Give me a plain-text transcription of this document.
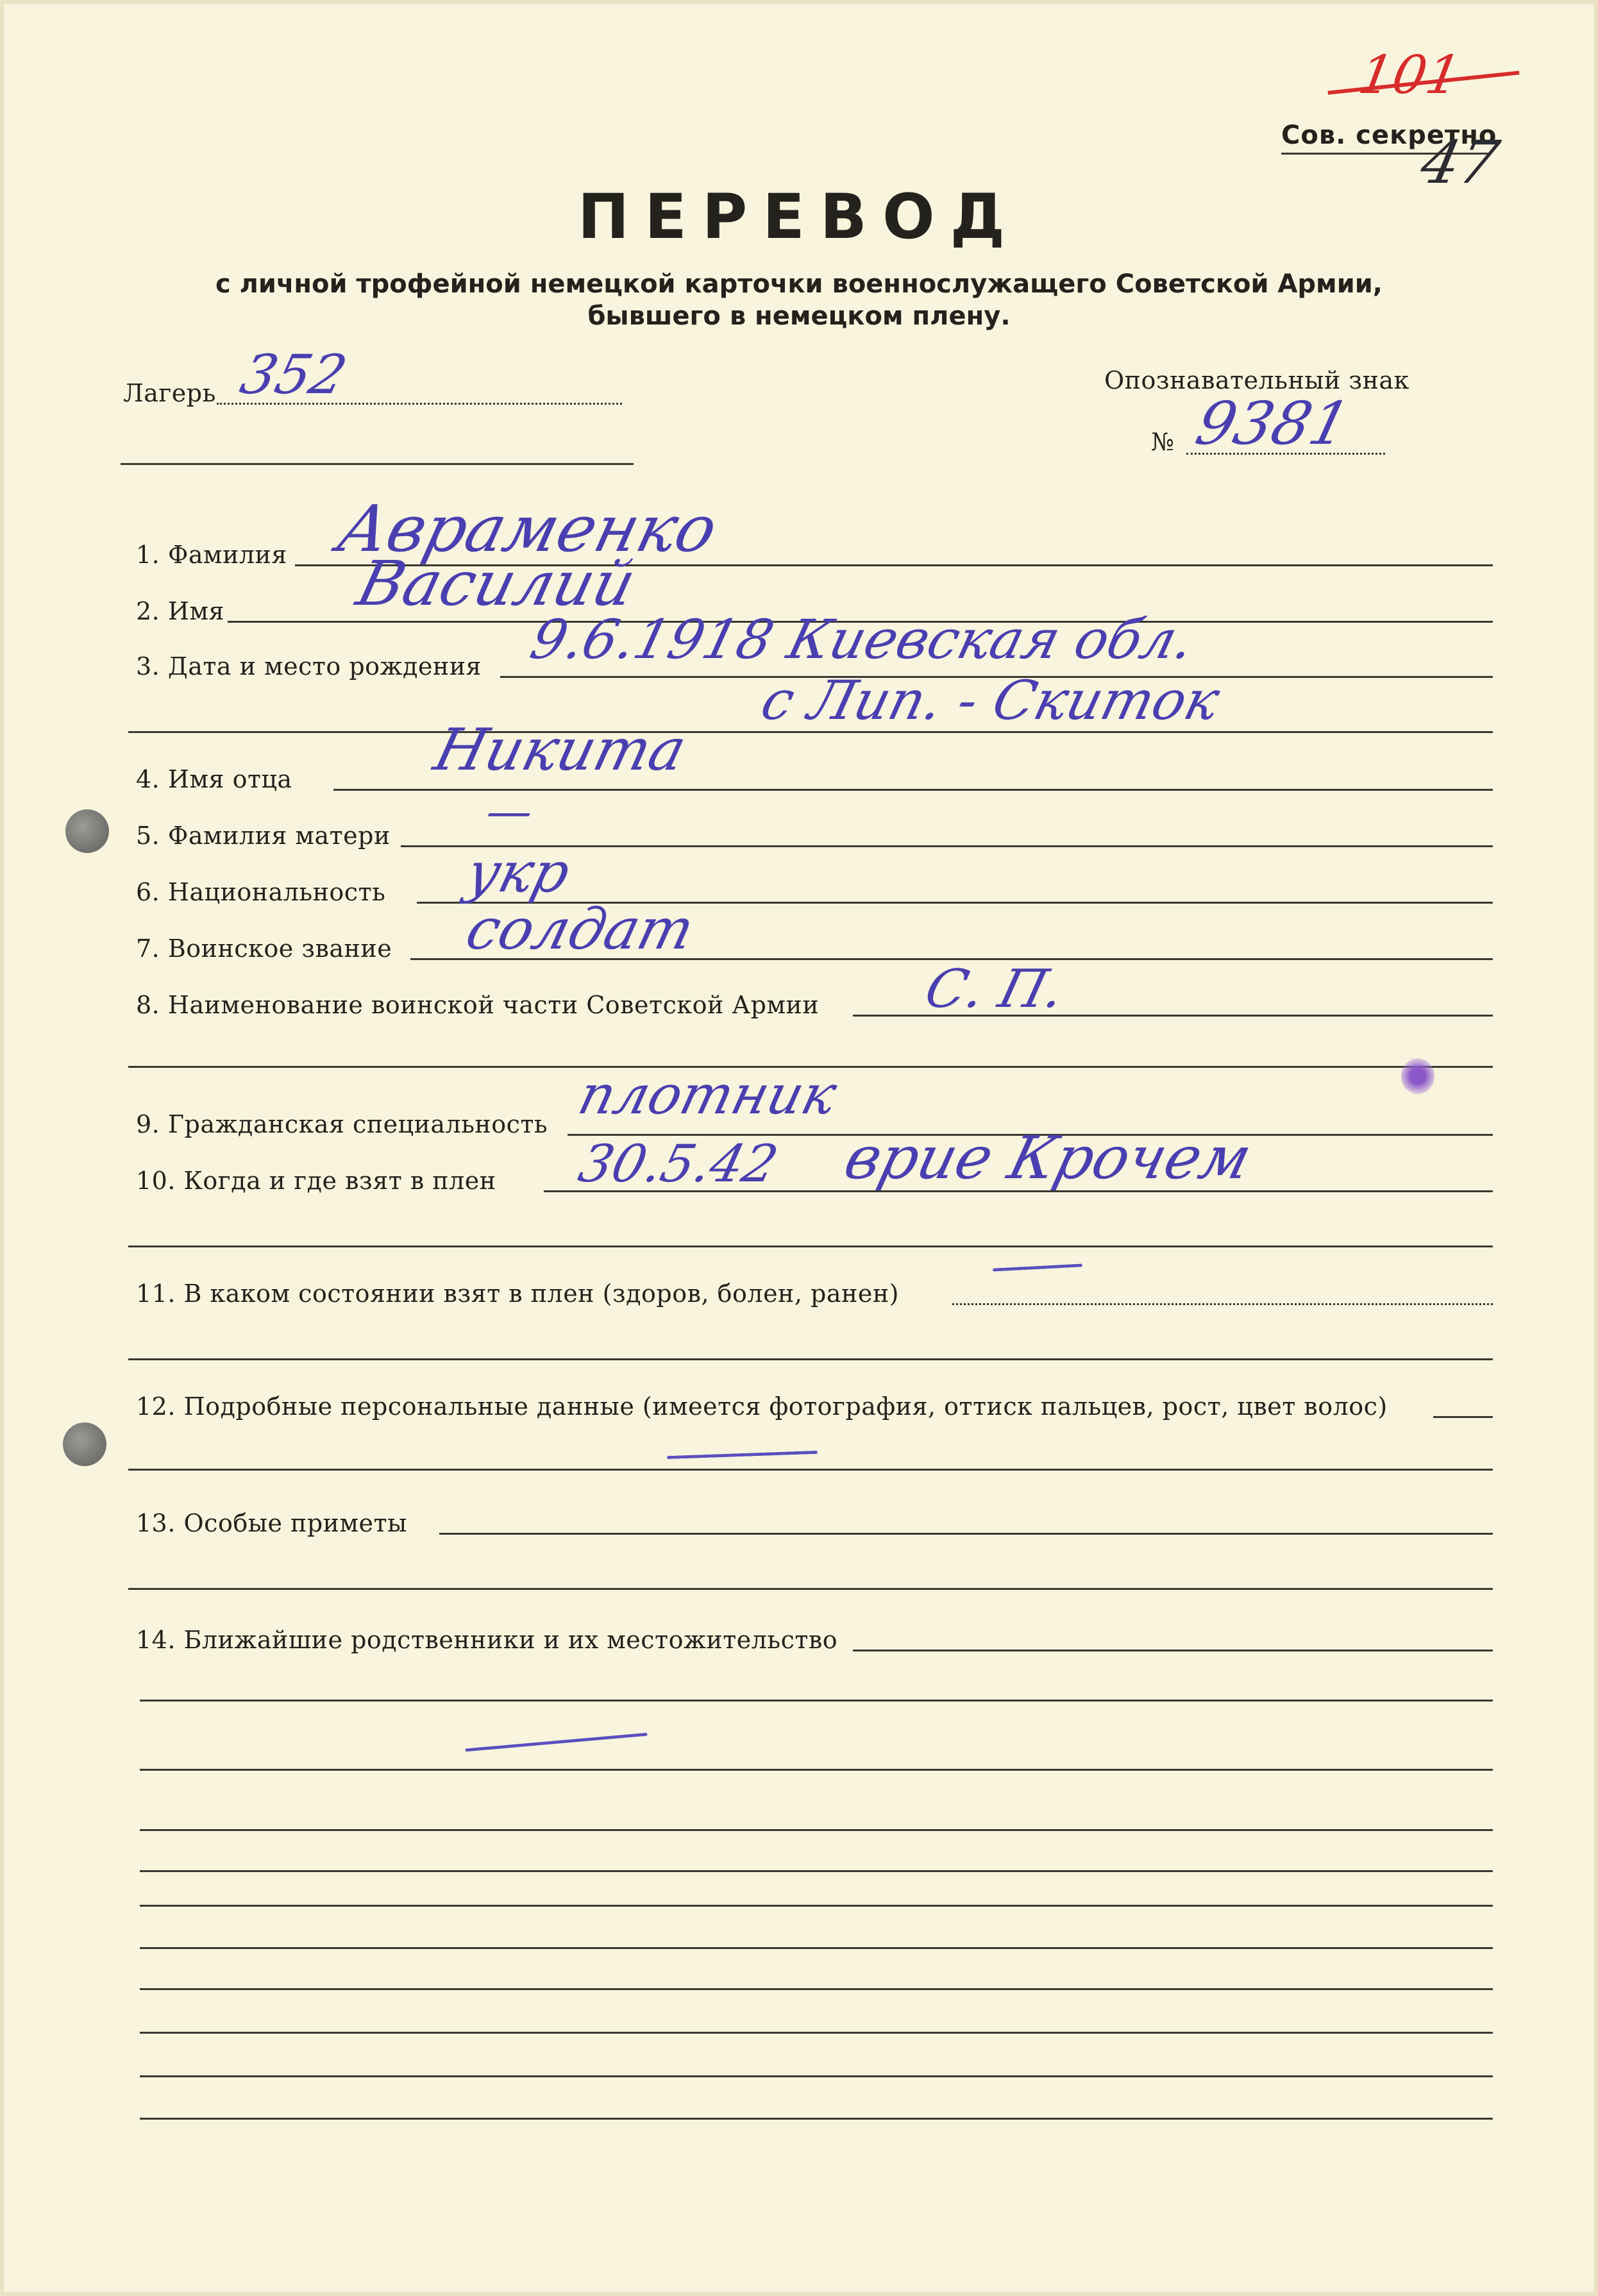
101
Сов. секретно
47
ПЕРЕВОД
с личной трофейной немецкой карточки военнослужащего Советской Армии,
бывшего в немецком плену.
Лагерь 352	Опознавательный знак
№ 9381
1. Фамилия Авраменко
2. Имя Василий
3. Дата и место рождения 9.6.1918 Киевская обл.
с Лип. - Скиток
4. Имя отца Никита
5. Фамилия матери —
6. Национальность укр
7. Воинское звание солдат
8. Наименование воинской части Советской Армии С. П.
9. Гражданская специальность плотник
10. Когда и где взят в плен 30.5.42 врие Крочем
11. В каком состоянии взят в плен (здоров, болен, ранен)
12. Подробные персональные данные (имеется фотография, оттиск пальцев, рост, цвет волос)
13. Особые приметы
14. Ближайшие родственники и их местожительство
